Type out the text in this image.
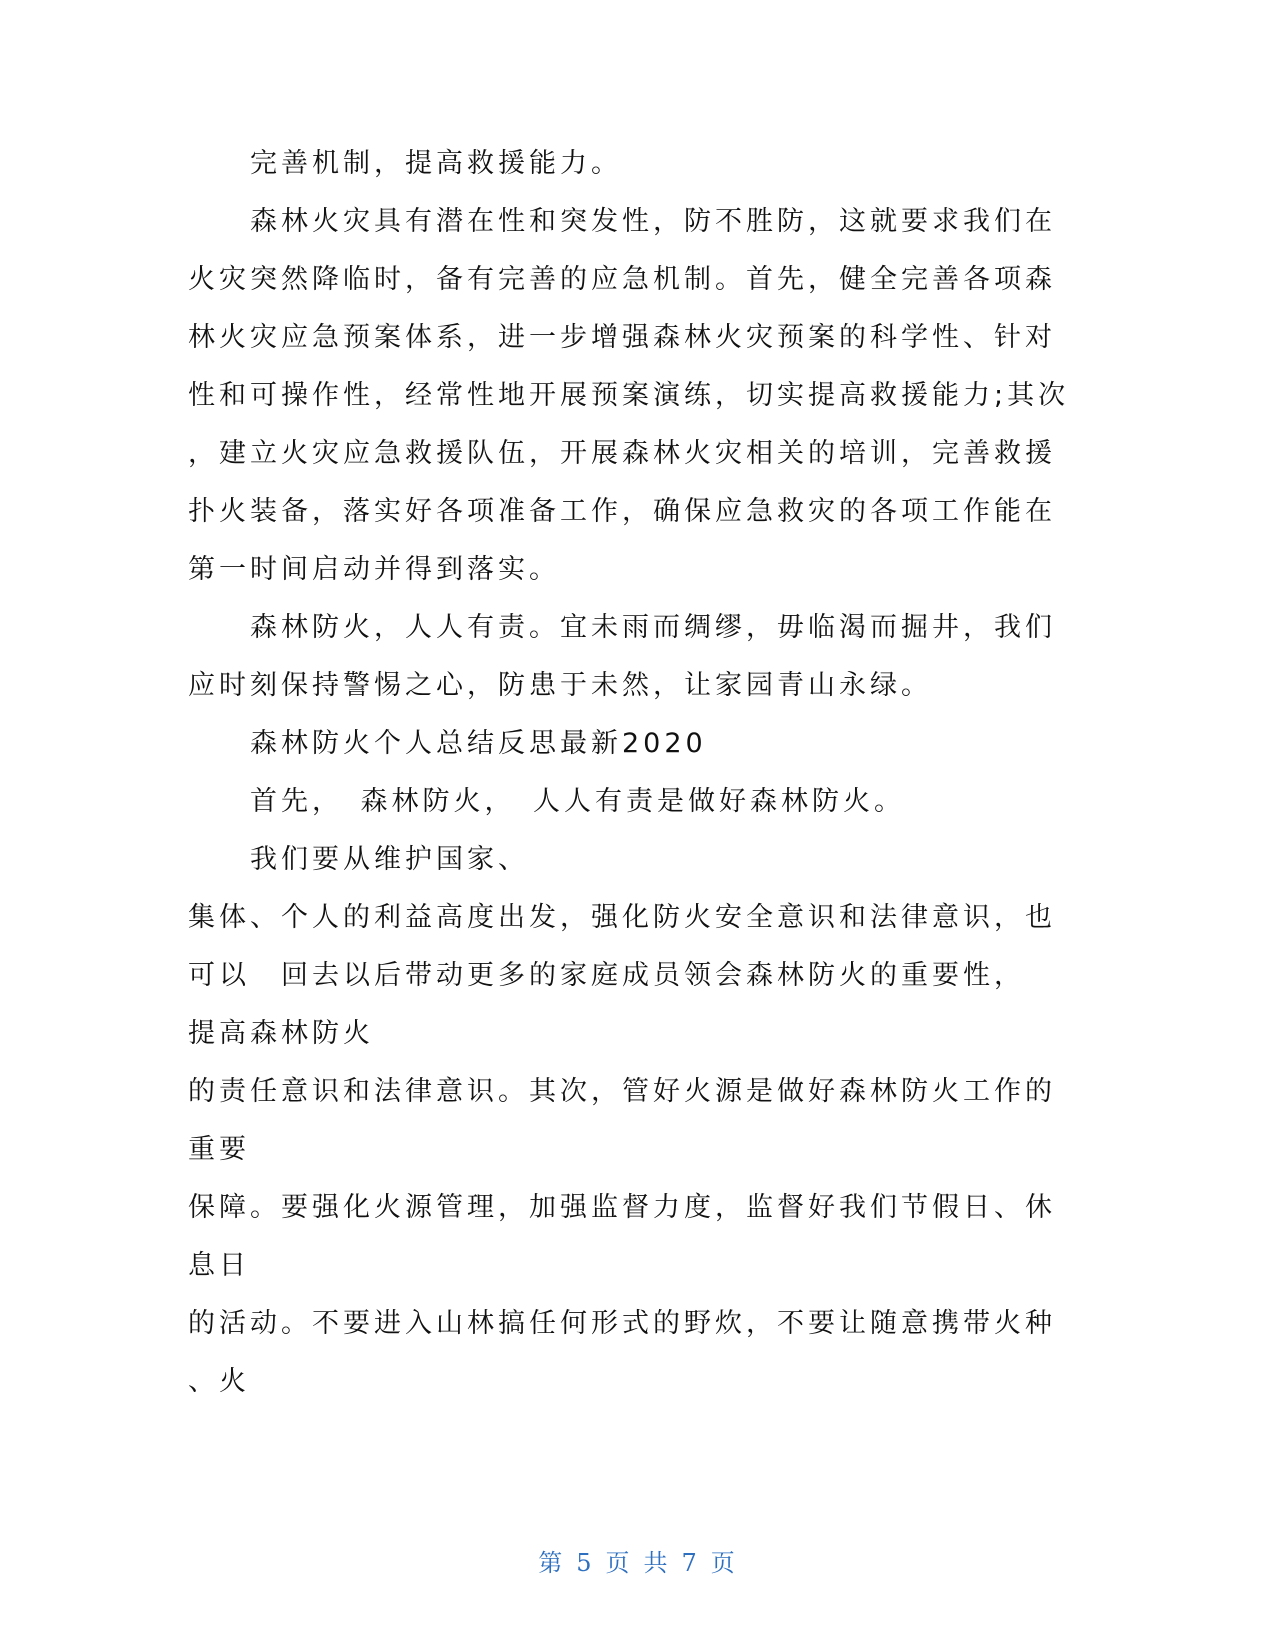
完善机制，提高救援能力。

森林火灾具有潜在性和突发性，防不胜防，这就要求我们在

火灾突然降临时，备有完善的应急机制。首先，健全完善各项森

林火灾应急预案体系，进一步增强森林火灾预案的科学性、针对

性和可操作性，经常性地开展预案演练，切实提高救援能力;其次

，建立火灾应急救援队伍，开展森林火灾相关的培训，完善救援

扑火装备，落实好各项准备工作，确保应急救灾的各项工作能在

第一时间启动并得到落实。

森林防火，人人有责。宜未雨而绸缪，毋临渴而掘井，我们

应时刻保持警惕之心，防患于未然，让家园青山永绿。

森林防火个人总结反思最新2020

首先，　森林防火，　人人有责是做好森林防火。

我们要从维护国家、

集体、个人的利益高度出发，强化防火安全意识和法律意识，也

可以　回去以后带动更多的家庭成员领会森林防火的重要性，

提高森林防火

的责任意识和法律意识。其次，管好火源是做好森林防火工作的

重要

保障。要强化火源管理，加强监督力度，监督好我们节假日、休

息日

的活动。不要进入山林搞任何形式的野炊，不要让随意携带火种

、火

第 5 页 共 7 页
